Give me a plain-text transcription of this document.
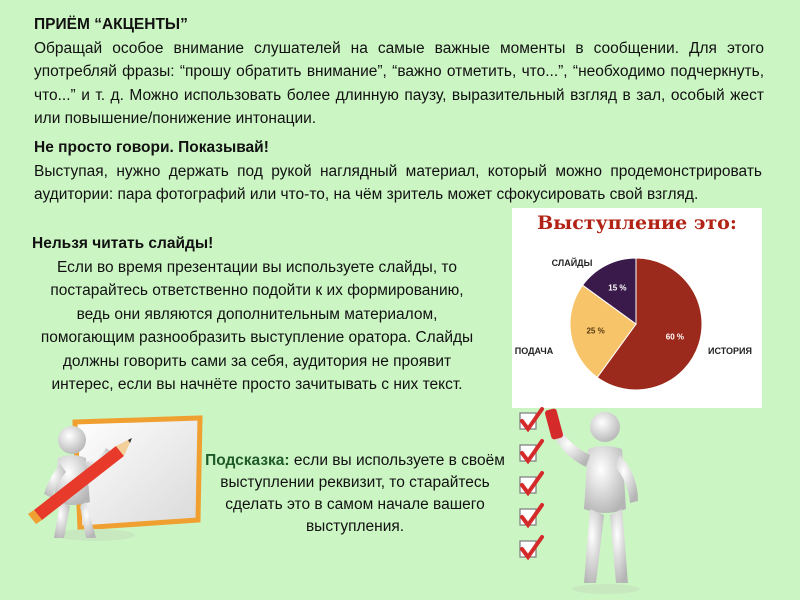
ПРИЁМ “АКЦЕНТЫ”
Обращай особое внимание слушателей на самые важные моменты в сообщении. Для этого употребляй фразы: “прошу обратить внимание”, “важно отметить, что...”, “необходимо подчеркнуть, что...” и т. д. Можно использовать более длинную паузу, выразительный взгляд в зал, особый жест или повышение/понижение интонации.
Не просто говори. Показывай!
Выступая, нужно держать под рукой наглядный материал, который можно продемонстрировать аудитории: пара фотографий или что-то, на чём зритель может сфокусировать свой взгляд.
Нельзя читать слайды!
Если во время презентации вы используете слайды, то постарайтесь ответственно подойти к их формированию, ведь они являются дополнительным материалом, помогающим разнообразить выступление оратора. Слайды должны говорить сами за себя, аудитория не проявит интерес, если вы начнёте просто зачитывать с них текст.
Выступление это:
60 %
ИСТОРИЯ
25 %
ПОДАЧА
15 %
СЛАЙДЫ
Подсказка: если вы используете в своём выступлении реквизит, то старайтесь сделать это в самом начале вашего выступления.
